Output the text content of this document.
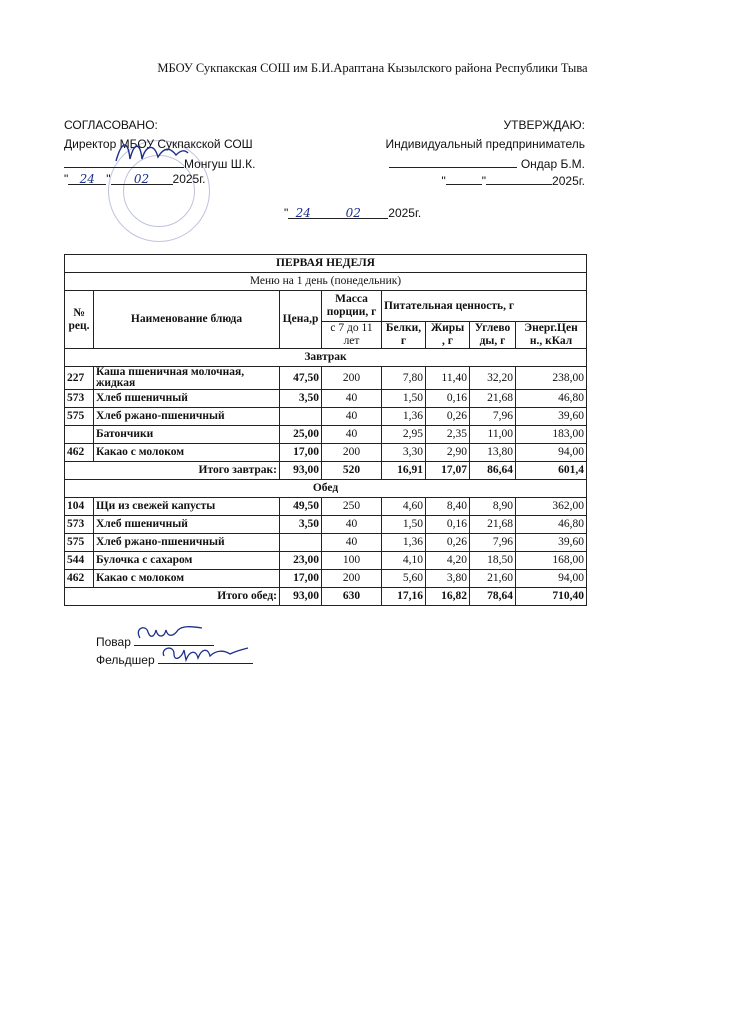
МБОУ Сукпакская СОШ им Б.И.Араптана Кызылского района Республики Тыва
СОГЛАСОВАНО:
Директор МБОУ Сукпакской СОШ
Монгуш Ш.К.
" 24 " 02 2025г.
УТВЕРЖДАЮ:
Индивидуальный предприниматель
Ондар Б.М.
"	"	2025г.
" 24	02 2025г.
ПЕРВАЯ НЕДЕЛЯ							
Меню на 1 день (понедельник)							
№ рец.	Наименование блюда	Цена,р	Масса порции, г	Питательная ценность, г			
			с 7 до 11 лет	Белки, г	Жиры , г	Углево ды, г	Энерг.Цен н., кКал
Завтрак							
227	Каша пшеничная молочная, жидкая	47,50	200	7,80	11,40	32,20	238,00
573	Хлеб пшеничный	3,50	40	1,50	0,16	21,68	46,80
575	Хлеб ржано-пшеничный		40	1,36	0,26	7,96	39,60
	Батончики	25,00	40	2,95	2,35	11,00	183,00
462	Какао с молоком	17,00	200	3,30	2,90	13,80	94,00
Итого завтрак:		93,00	520	16,91	17,07	86,64	601,4
Обед							
104	Щи из свежей капусты	49,50	250	4,60	8,40	8,90	362,00
573	Хлеб пшеничный	3,50	40	1,50	0,16	21,68	46,80
575	Хлеб ржано-пшеничный		40	1,36	0,26	7,96	39,60
544	Булочка с сахаром	23,00	100	4,10	4,20	18,50	168,00
462	Какао с молоком	17,00	200	5,60	3,80	21,60	94,00
Итого обед:		93,00	630	17,16	16,82	78,64	710,40
Повар
Фельдшер
